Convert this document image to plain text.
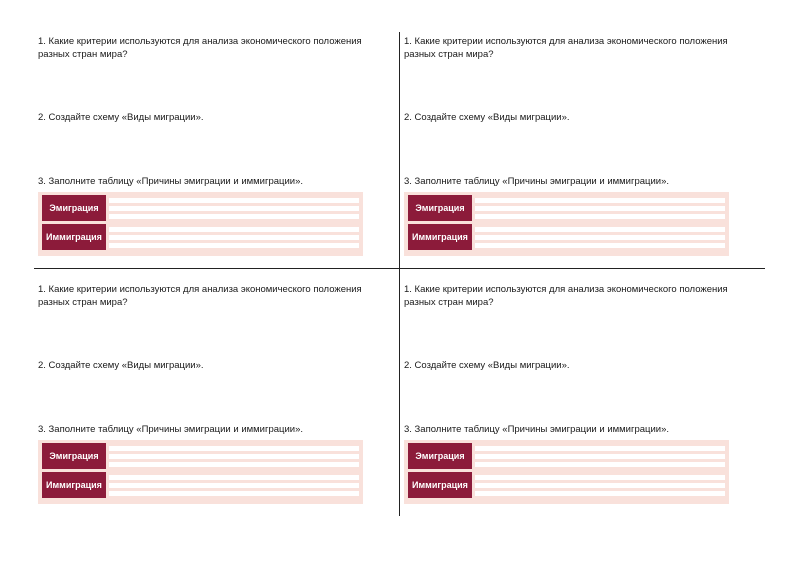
1. Какие критерии используются для анализа экономического положения разных стран мира?

2. Создайте схему «Виды миграции».

3. Заполните таблицу «Причины эмиграции и иммиграции».

Эмиграция
Иммиграция

1. Какие критерии используются для анализа экономического положения разных стран мира?

2. Создайте схему «Виды миграции».

3. Заполните таблицу «Причины эмиграции и иммиграции».

Эмиграция
Иммиграция

1. Какие критерии используются для анализа экономического положения разных стран мира?

2. Создайте схему «Виды миграции».

3. Заполните таблицу «Причины эмиграции и иммиграции».

Эмиграция
Иммиграция

1. Какие критерии используются для анализа экономического положения разных стран мира?

2. Создайте схему «Виды миграции».

3. Заполните таблицу «Причины эмиграции и иммиграции».

Эмиграция
Иммиграция
